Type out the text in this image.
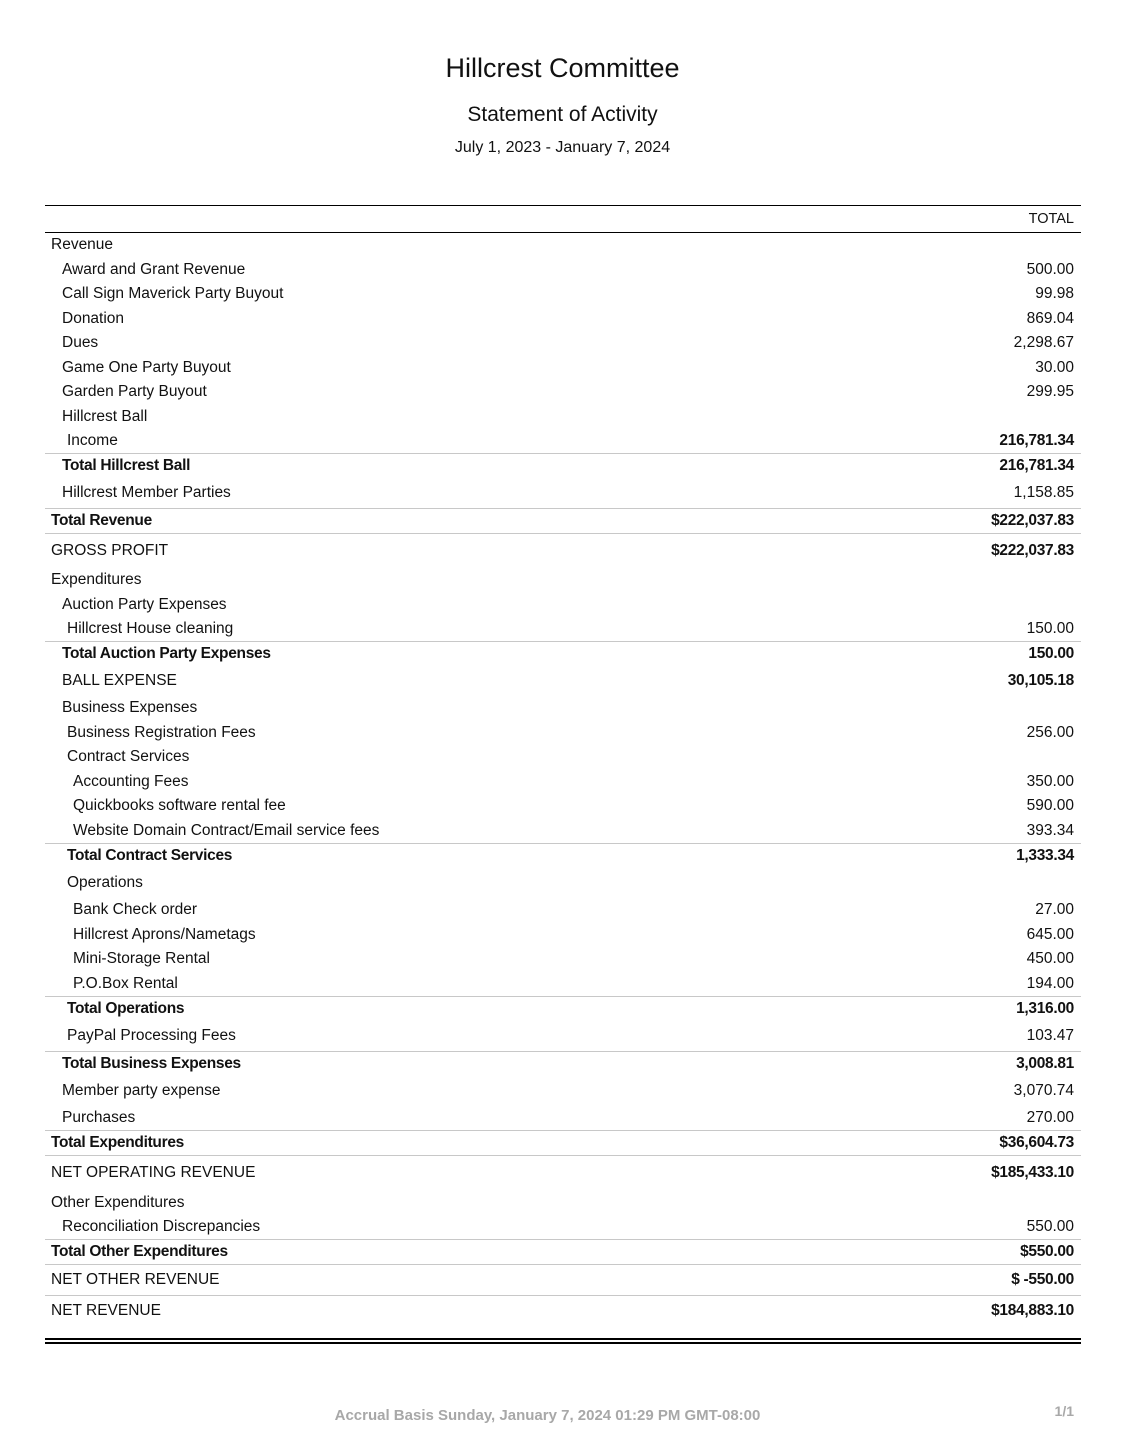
Hillcrest Committee
Statement of Activity
July 1, 2023 - January 7, 2024
TOTAL
Revenue
Award and Grant Revenue	500.00
Call Sign Maverick Party Buyout	99.98
Donation	869.04
Dues	2,298.67
Game One Party Buyout	30.00
Garden Party Buyout	299.95
Hillcrest Ball
Income	216,781.34
Total Hillcrest Ball	216,781.34
Hillcrest Member Parties	1,158.85
Total Revenue	$222,037.83
GROSS PROFIT	$222,037.83
Expenditures
Auction Party Expenses
Hillcrest House cleaning	150.00
Total Auction Party Expenses	150.00
BALL EXPENSE	30,105.18
Business Expenses
Business Registration Fees	256.00
Contract Services
Accounting Fees	350.00
Quickbooks software rental fee	590.00
Website Domain Contract/Email service fees	393.34
Total Contract Services	1,333.34
Operations
Bank Check order	27.00
Hillcrest Aprons/Nametags	645.00
Mini-Storage Rental	450.00
P.O.Box Rental	194.00
Total Operations	1,316.00
PayPal Processing Fees	103.47
Total Business Expenses	3,008.81
Member party expense	3,070.74
Purchases	270.00
Total Expenditures	$36,604.73
NET OPERATING REVENUE	$185,433.10
Other Expenditures
Reconciliation Discrepancies	550.00
Total Other Expenditures	$550.00
NET OTHER REVENUE	$ -550.00
NET REVENUE	$184,883.10
Accrual Basis Sunday, January 7, 2024 01:29 PM GMT-08:00	1/1
